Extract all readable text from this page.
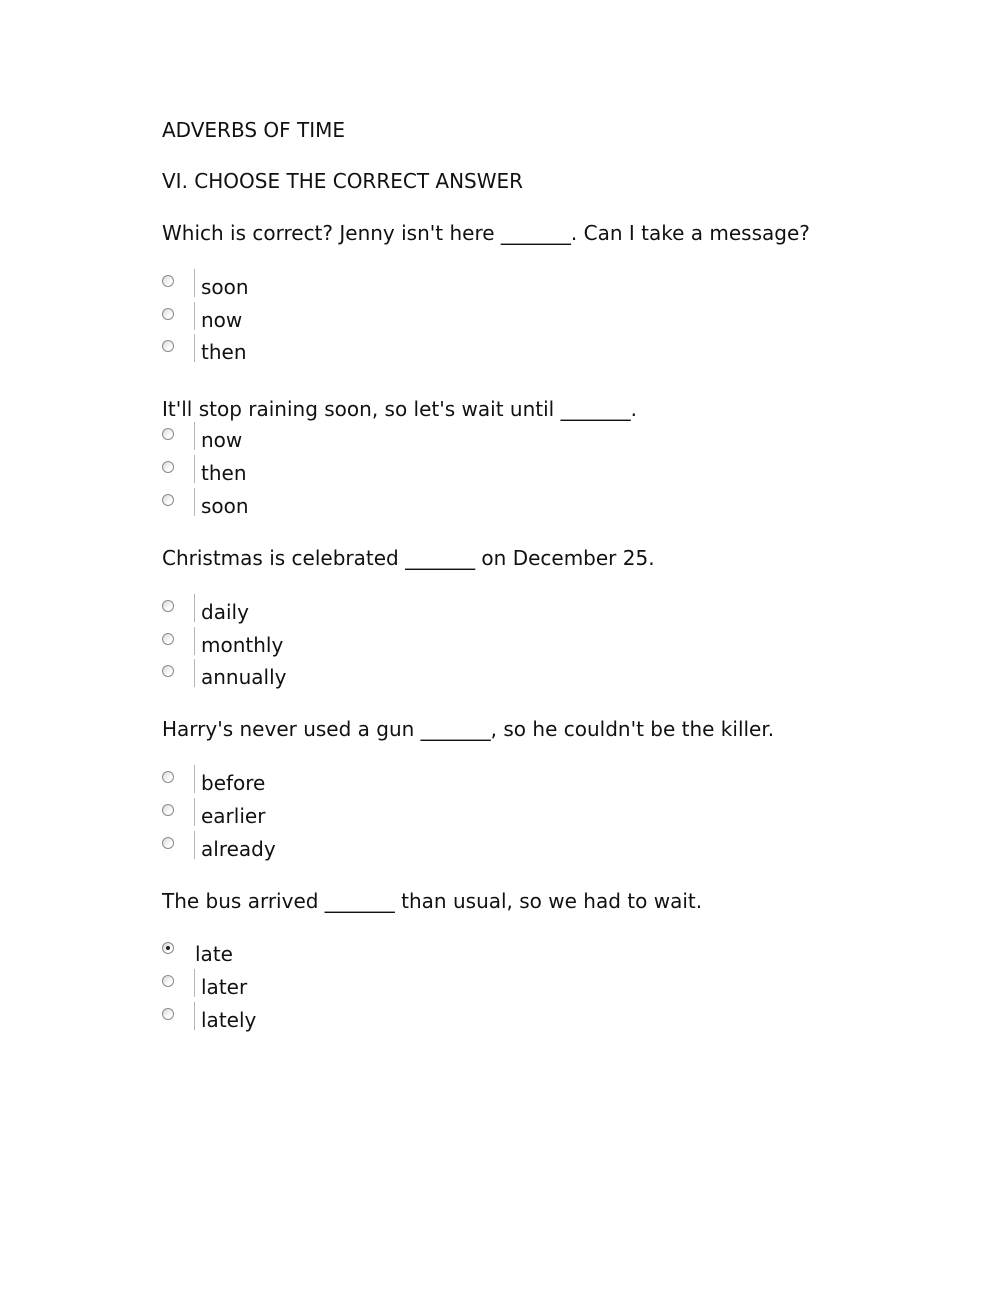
ADVERBS OF TIME
VI. CHOOSE THE CORRECT ANSWER
Which is correct? Jenny isn't here _______. Can I take a message?
soon
now
then
It'll stop raining soon, so let's wait until _______.
now
then
soon
Christmas is celebrated _______ on December 25.
daily
monthly
annually
Harry's never used a gun _______, so he couldn't be the killer.
before
earlier
already
The bus arrived _______ than usual, so we had to wait.
late
later
lately
